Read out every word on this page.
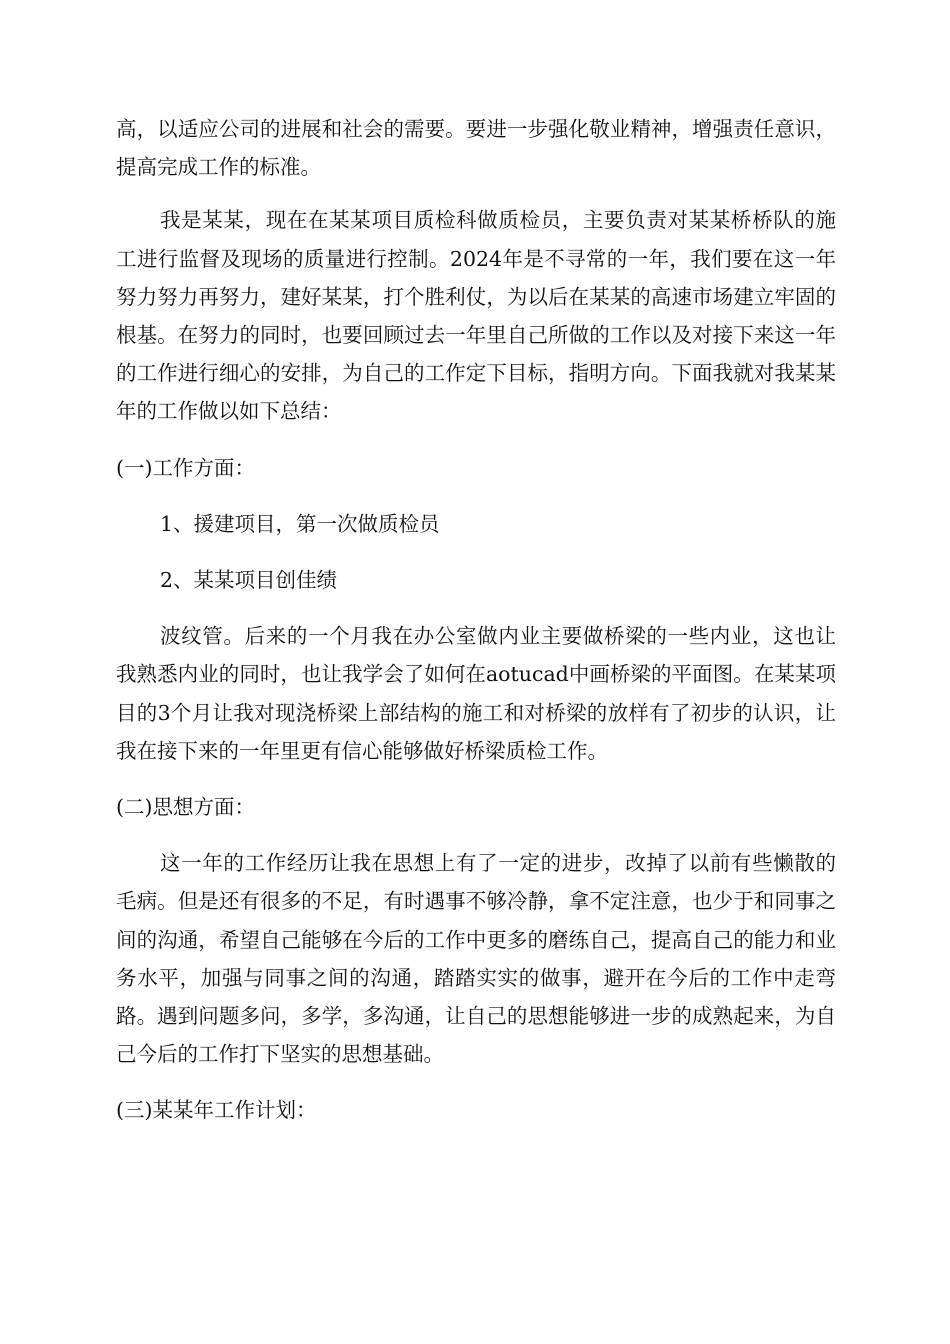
高，以适应公司的进展和社会的需要。要进一步强化敬业精神，增强责任意识，提高完成工作的标准。

我是某某，现在在某某项目质检科做质检员，主要负责对某某桥桥队的施工进行监督及现场的质量进行控制。2024年是不寻常的一年，我们要在这一年努力努力再努力，建好某某，打个胜利仗，为以后在某某的高速市场建立牢固的根基。在努力的同时，也要回顾过去一年里自己所做的工作以及对接下来这一年的工作进行细心的安排，为自己的工作定下目标，指明方向。下面我就对我某某年的工作做以如下总结：

(一)工作方面：

1、援建项目，第一次做质检员

2、某某项目创佳绩

波纹管。后来的一个月我在办公室做内业主要做桥梁的一些内业，这也让我熟悉内业的同时，也让我学会了如何在aotucad中画桥梁的平面图。在某某项目的3个月让我对现浇桥梁上部结构的施工和对桥梁的放样有了初步的认识，让我在接下来的一年里更有信心能够做好桥梁质检工作。

(二)思想方面：

这一年的工作经历让我在思想上有了一定的进步，改掉了以前有些懒散的毛病。但是还有很多的不足，有时遇事不够冷静，拿不定注意，也少于和同事之间的沟通，希望自己能够在今后的工作中更多的磨练自己，提高自己的能力和业务水平，加强与同事之间的沟通，踏踏实实的做事，避开在今后的工作中走弯路。遇到问题多问，多学，多沟通，让自己的思想能够进一步的成熟起来，为自己今后的工作打下坚实的思想基础。

(三)某某年工作计划：
